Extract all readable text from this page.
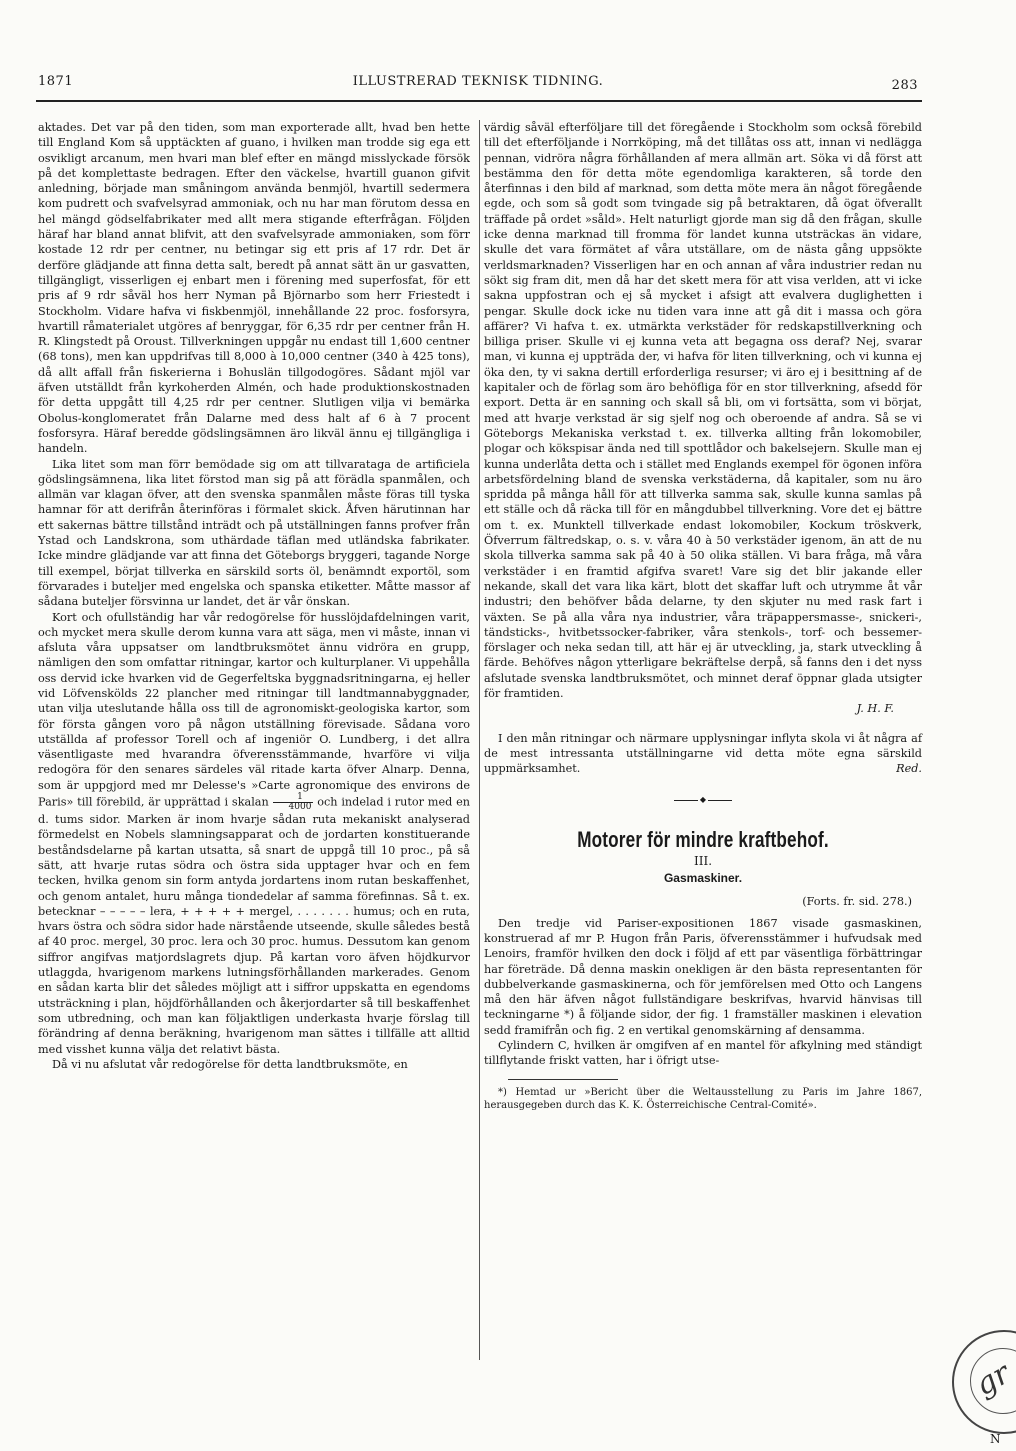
1871	ILLUSTRERAD TEKNISK TIDNING.	283

aktades. Det var på den tiden, som man exporterade allt, hvad ben hette till England Kom så upptäckten af guano, i hvilken man trodde sig ega ett osvikligt arcanum, men hvari man blef efter en mängd misslyckade försök på det komplettaste bedragen. Efter den väckelse, hvartill guanon gifvit anledning, började man småningom använda benmjöl, hvartill sedermera kom pudrett och svafvelsyrad ammoniak, och nu har man förutom dessa en hel mängd gödselfabrikater med allt mera stigande efterfrågan. Följden häraf har bland annat blifvit, att den svafvelsyrade ammoniaken, som förr kostade 12 rdr per centner, nu betingar sig ett pris af 17 rdr. Det är derföre glädjande att finna detta salt, beredt på annat sätt än ur gasvatten, tillgängligt, visserligen ej enbart men i förening med superfosfat, för ett pris af 9 rdr såväl hos herr Nyman på Björnarbo som herr Friestedt i Stockholm. Vidare hafva vi fiskbenmjöl, innehållande 22 proc. fosforsyra, hvartill råmaterialet utgöres af benryggar, för 6,35 rdr per centner från H. R. Klingstedt på Oroust. Tillverkningen uppgår nu endast till 1,600 centner (68 tons), men kan uppdrifvas till 8,000 à 10,000 centner (340 à 425 tons), då allt affall från fiskerierna i Bohuslän tillgodogöres. Sådant mjöl var äfven utställdt från kyrkoherden Almén, och hade produktionskostnaden för detta uppgått till 4,25 rdr per centner. Slutligen vilja vi bemärka Obolus-konglomeratet från Dalarne med dess halt af 6 à 7 procent fosforsyra. Häraf beredde gödslingsämnen äro likväl ännu ej tillgängliga i handeln.

Lika litet som man förr bemödade sig om att tillvarataga de artificiela gödslingsämnena, lika litet förstod man sig på att förädla spanmålen, och allmän var klagan öfver, att den svenska spanmålen måste föras till tyska hamnar för att derifrån återinföras i förmalet skick. Åfven härutinnan har ett sakernas bättre tillstånd inträdt och på utställningen fanns profver från Ystad och Landskrona, som uthärdade täflan med utländska fabrikater. Icke mindre glädjande var att finna det Göteborgs bryggeri, tagande Norge till exempel, börjat tillverka en särskild sorts öl, benämndt exportöl, som förvarades i buteljer med engelska och spanska etiketter. Måtte massor af sådana buteljer försvinna ur landet, det är vår önskan.

Kort och ofullständig har vår redogörelse för husslöjdafdelningen varit, och mycket mera skulle derom kunna vara att säga, men vi måste, innan vi afsluta våra uppsatser om landtbruksmötet ännu vidröra en grupp, nämligen den som omfattar ritningar, kartor och kulturplaner. Vi uppehålla oss dervid icke hvarken vid de Gegerfeltska byggnadsritningarna, ej heller vid Löfvenskölds 22 plancher med ritningar till landtmannabyggnader, utan vilja uteslutande hålla oss till de agronomiskt-geologiska kartor, som för första gången voro på någon utställning förevisade. Sådana voro utställda af professor Torell och af ingeniör O. Lundberg, i det allra väsentligaste med hvarandra öfverensstämmande, hvarföre vi vilja redogöra för den senares särdeles väl ritade karta öfver Alnarp. Denna, som är uppgjord med mr Delesse's »Carte agronomique des environs de Paris» till förebild, är upprättad i skalan $\frac{1}{4000}$ och indelad i rutor med en d. tums sidor. Marken är inom hvarje sådan ruta mekaniskt analyserad förmedelst en Nobels slamningsapparat och de jordarten konstituerande beståndsdelarne på kartan utsatta, så snart de uppgå till 10 proc., på så sätt, att hvarje rutas södra och östra sida upptager hvar och en fem tecken, hvilka genom sin form antyda jordartens inom rutan beskaffenhet, och genom antalet, huru många tiondedelar af samma förefinnas. Så t. ex. betecknar – – – – – lera, + + + + + mergel, . . . . . . . humus; och en ruta, hvars östra och södra sidor hade närstående utseende, skulle således bestå af 40 proc. mergel, 30 proc. lera och 30 proc. humus. Dessutom kan genom siffror angifvas matjordslagrets djup. På kartan voro äfven höjdkurvor utlaggda, hvarigenom markens lutningsförhållanden markerades. Genom en sådan karta blir det således möjligt att i siffror uppskatta en egendoms utsträckning i plan, höjdförhållanden och åkerjordarter så till beskaffenhet som utbredning, och man kan följaktligen underkasta hvarje förslag till förändring af denna beräkning, hvarigenom man sättes i tillfälle att alltid med visshet kunna välja det relativt bästa.

Då vi nu afslutat vår redogörelse för detta landtbruksmöte, en

värdig såväl efterföljare till det föregående i Stockholm som också förebild till det efterföljande i Norrköping, må det tillåtas oss att, innan vi nedlägga pennan, vidröra några förhållanden af mera allmän art. Söka vi då först att bestämma den för detta möte egendomliga karakteren, så torde den återfinnas i den bild af marknad, som detta möte mera än något föregående egde, och som så godt som tvingade sig på betraktaren, då ögat öfverallt träffade på ordet »såld». Helt naturligt gjorde man sig då den frågan, skulle icke denna marknad till fromma för landet kunna utsträckas än vidare, skulle det vara förmätet af våra utställare, om de nästa gång uppsökte verldsmarknaden? Visserligen har en och annan af våra industrier redan nu sökt sig fram dit, men då har det skett mera för att visa verlden, att vi icke sakna uppfostran och ej så mycket i afsigt att evalvera duglighetten i pengar. Skulle dock icke nu tiden vara inne att gå dit i massa och göra affärer? Vi hafva t. ex. utmärkta verkstäder för redskapstillverkning och billiga priser. Skulle vi ej kunna veta att begagna oss deraf? Nej, svarar man, vi kunna ej uppträda der, vi hafva för liten tillverkning, och vi kunna ej öka den, ty vi sakna dertill erforderliga resurser; vi äro ej i besittning af de kapitaler och de förlag som äro behöfliga för en stor tillverkning, afsedd för export. Detta är en sanning och skall så bli, om vi fortsätta, som vi börjat, med att hvarje verkstad är sig sjelf nog och oberoende af andra. Så se vi Göteborgs Mekaniska verkstad t. ex. tillverka allting från lokomobiler, plogar och kökspisar ända ned till spottlådor och bakelsejern. Skulle man ej kunna underlåta detta och i stället med Englands exempel för ögonen införa arbetsfördelning bland de svenska verkstäderna, då kapitaler, som nu äro spridda på många håll för att tillverka samma sak, skulle kunna samlas på ett ställe och då räcka till för en mångdubbel tillverkning. Vore det ej bättre om t. ex. Munktell tillverkade endast lokomobiler, Kockum tröskverk, Öfverrum fältredskap, o. s. v. våra 40 à 50 verkstäder igenom, än att de nu skola tillverka samma sak på 40 à 50 olika ställen. Vi bara fråga, må våra verkstäder i en framtid afgifva svaret! Vare sig det blir jakande eller nekande, skall det vara lika kärt, blott det skaffar luft och utrymme åt vår industri; den behöfver båda delarne, ty den skjuter nu med rask fart i växten. Se på alla våra nya industrier, våra träpappersmasse-, snickeri-, tändsticks-, hvitbetssocker-fabriker, våra stenkols-, torf- och bessemer-förslager och neka sedan till, att här ej är utveckling, ja, stark utveckling å färde. Behöfves någon ytterligare bekräftelse derpå, så fanns den i det nyss afslutade svenska landtbruksmötet, och minnet deraf öppnar glada utsigter för framtiden.

J. H. F.

I den mån ritningar och närmare upplysningar inflyta skola vi åt några af de mest intressanta utställningarne vid detta möte egna särskild uppmärksamhet.	Red.

◆
Motorer för mindre kraftbehof.
III.
Gasmaskiner.
(Forts. fr. sid. 278.)

Den tredje vid Pariser-expositionen 1867 visade gasmaskinen, konstruerad af mr P. Hugon från Paris, öfverensstämmer i hufvudsak med Lenoirs, framför hvilken den dock i följd af ett par väsentliga förbättringar har företräde. Då denna maskin onekligen är den bästa representanten för dubbelverkande gasmaskinerna, och för jemförelsen med Otto och Langens må den här äfven något fullständigare beskrifvas, hvarvid hänvisas till teckningarne *) å följande sidor, der fig. 1 framställer maskinen i elevation sedd framifrån och fig. 2 en vertikal genomskärning af densamma.

Cylindern C, hvilken är omgifven af en mantel för afkylning med ständigt tillflytande friskt vatten, har i öfrigt utse-

*) Hemtad ur »Bericht über die Weltausstellung zu Paris im Jahre 1867, herausgegeben durch das K. K. Österreichische Central-Comité».

gr
N
